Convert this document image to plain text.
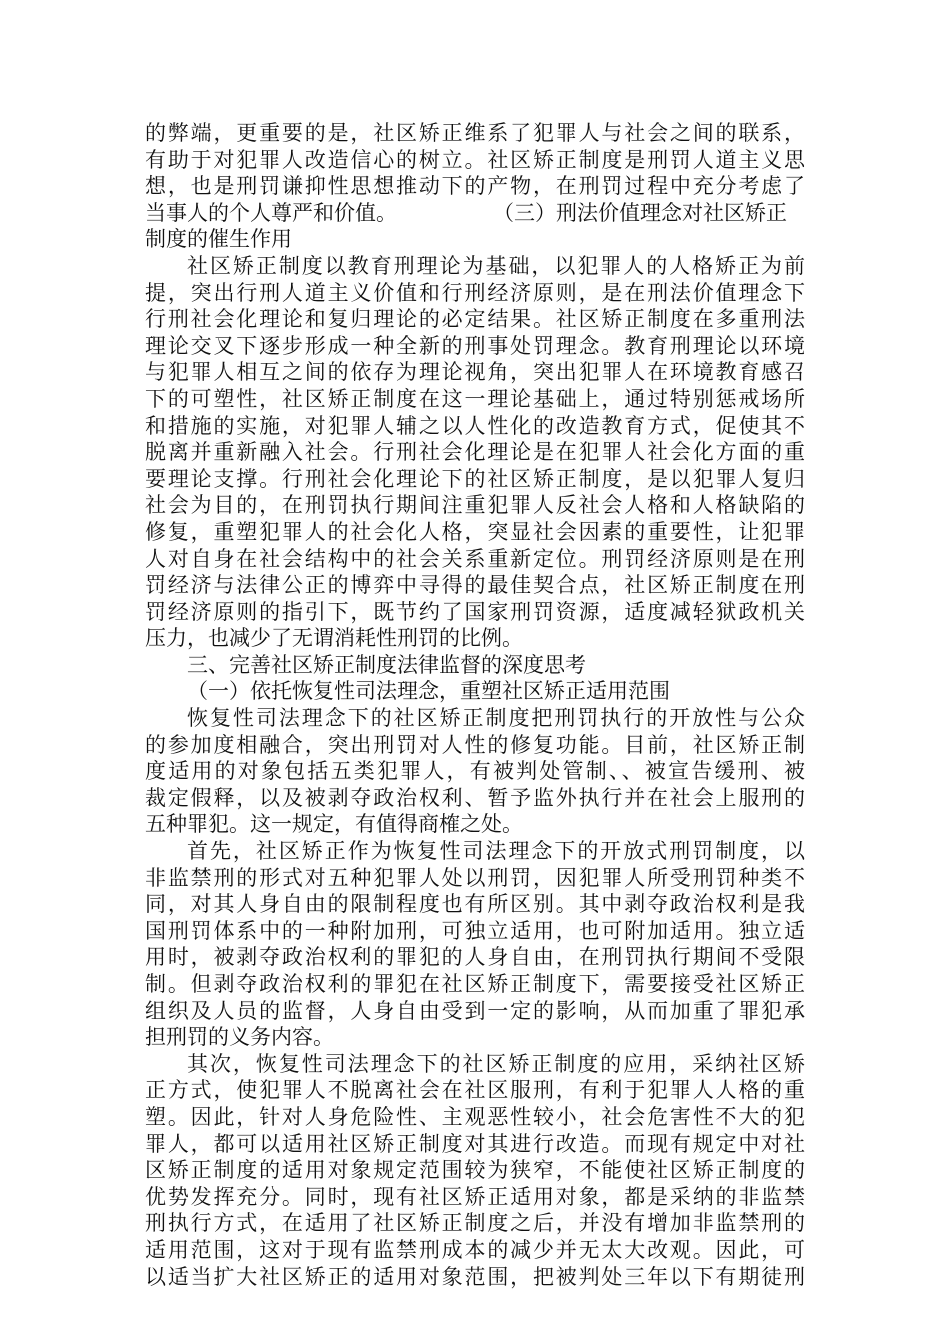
的弊端，更重要的是，社区矫正维系了犯罪人与社会之间的联系，
有助于对犯罪人改造信心的树立。社区矫正制度是刑罚人道主义思
想，也是刑罚谦抑性思想推动下的产物，在刑罚过程中充分考虑了
当事人的个人尊严和价值。	（三）刑法价值理念对社区矫正
制度的催生作用
社区矫正制度以教育刑理论为基础，以犯罪人的人格矫正为前
提，突出行刑人道主义价值和行刑经济原则，是在刑法价值理念下
行刑社会化理论和复归理论的必定结果。社区矫正制度在多重刑法
理论交叉下逐步形成一种全新的刑事处罚理念。教育刑理论以环境
与犯罪人相互之间的依存为理论视角，突出犯罪人在环境教育感召
下的可塑性，社区矫正制度在这一理论基础上，通过特别惩戒场所
和措施的实施，对犯罪人辅之以人性化的改造教育方式，促使其不
脱离并重新融入社会。行刑社会化理论是在犯罪人社会化方面的重
要理论支撑。行刑社会化理论下的社区矫正制度，是以犯罪人复归
社会为目的，在刑罚执行期间注重犯罪人反社会人格和人格缺陷的
修复，重塑犯罪人的社会化人格，突显社会因素的重要性，让犯罪
人对自身在社会结构中的社会关系重新定位。刑罚经济原则是在刑
罚经济与法律公正的博弈中寻得的最佳契合点，社区矫正制度在刑
罚经济原则的指引下，既节约了国家刑罚资源，适度减轻狱政机关
压力，也减少了无谓消耗性刑罚的比例。
三、完善社区矫正制度法律监督的深度思考
（一）依托恢复性司法理念，重塑社区矫正适用范围
恢复性司法理念下的社区矫正制度把刑罚执行的开放性与公众
的参加度相融合，突出刑罚对人性的修复功能。目前，社区矫正制
度适用的对象包括五类犯罪人，有被判处管制、、被宣告缓刑、被
裁定假释，以及被剥夺政治权利、暂予监外执行并在社会上服刑的
五种罪犯。这一规定，有值得商榷之处。
首先，社区矫正作为恢复性司法理念下的开放式刑罚制度，以
非监禁刑的形式对五种犯罪人处以刑罚，因犯罪人所受刑罚种类不
同，对其人身自由的限制程度也有所区别。其中剥夺政治权利是我
国刑罚体系中的一种附加刑，可独立适用，也可附加适用。独立适
用时，被剥夺政治权利的罪犯的人身自由，在刑罚执行期间不受限
制。但剥夺政治权利的罪犯在社区矫正制度下，需要接受社区矫正
组织及人员的监督，人身自由受到一定的影响，从而加重了罪犯承
担刑罚的义务内容。
其次，恢复性司法理念下的社区矫正制度的应用，采纳社区矫
正方式，使犯罪人不脱离社会在社区服刑，有利于犯罪人人格的重
塑。因此，针对人身危险性、主观恶性较小，社会危害性不大的犯
罪人，都可以适用社区矫正制度对其进行改造。而现有规定中对社
区矫正制度的适用对象规定范围较为狭窄，不能使社区矫正制度的
优势发挥充分。同时，现有社区矫正适用对象，都是采纳的非监禁
刑执行方式，在适用了社区矫正制度之后，并没有增加非监禁刑的
适用范围，这对于现有监禁刑成本的减少并无太大改观。因此，可
以适当扩大社区矫正的适用对象范围，把被判处三年以下有期徒刑
